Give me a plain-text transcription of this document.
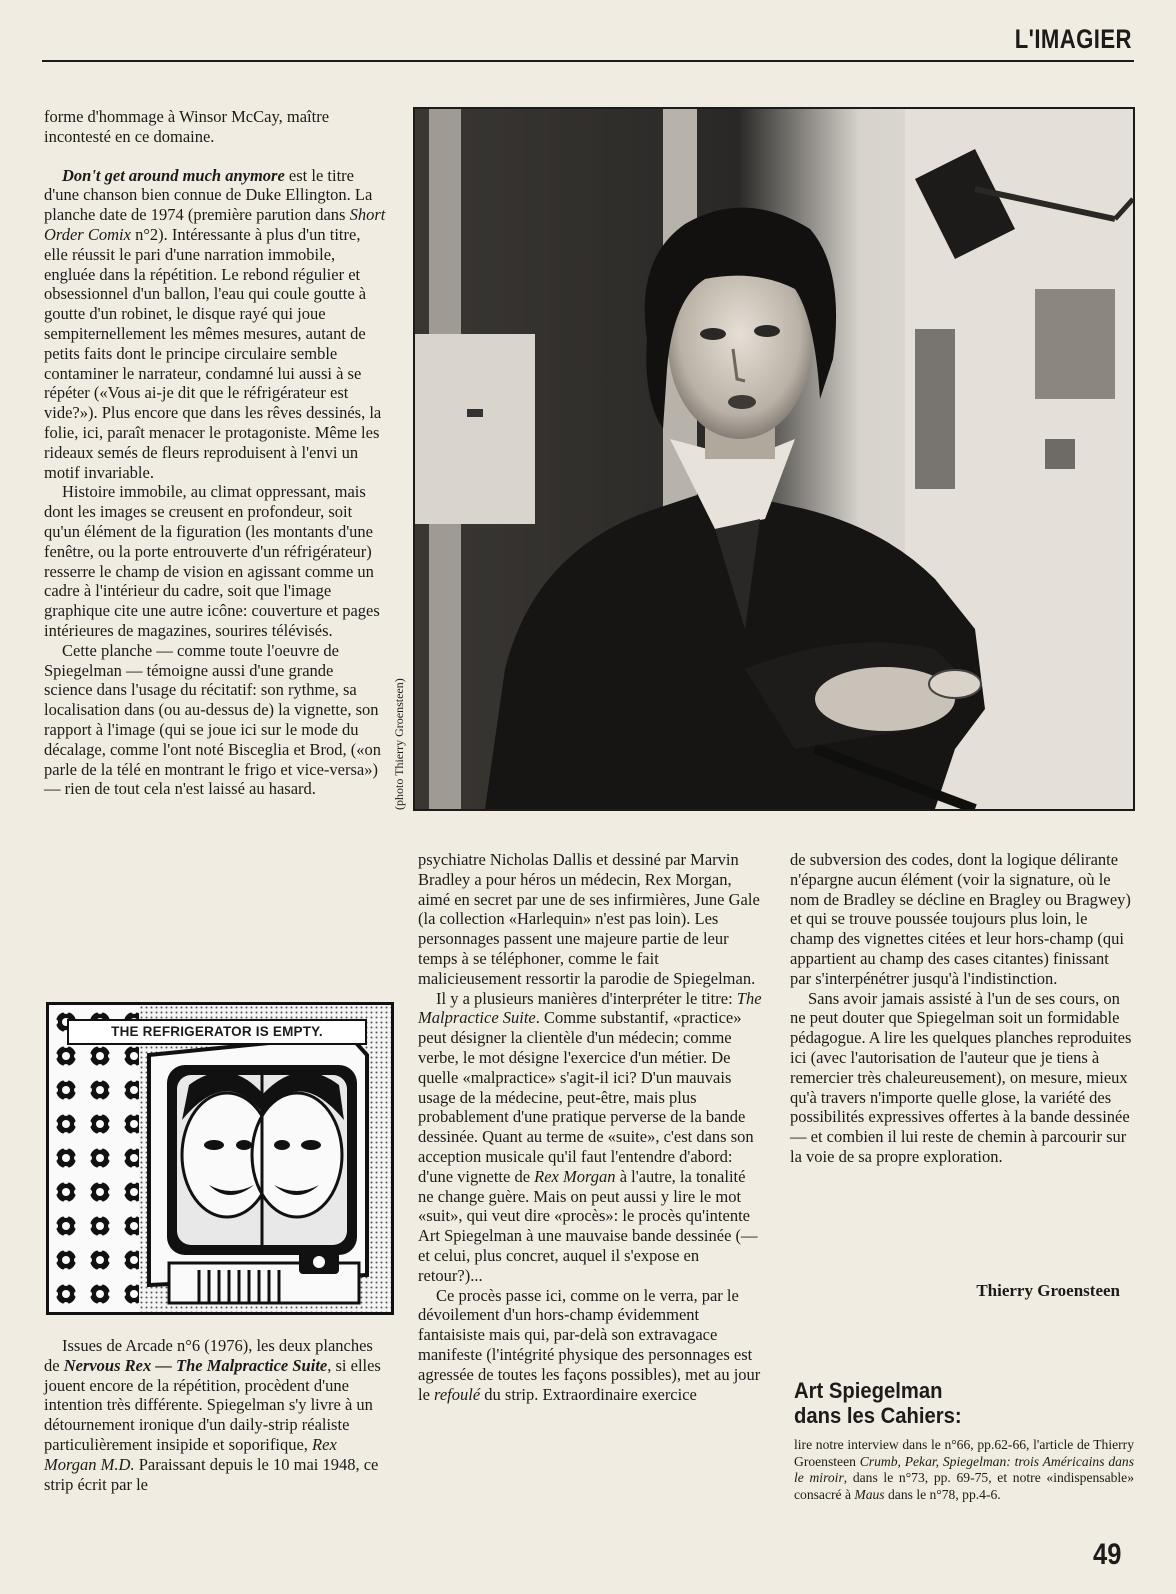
L'IMAGIER

forme d'hommage à Winsor McCay, maître incontesté en ce domaine.

Don't get around much anymore est le titre d'une chanson bien connue de Duke Ellington. La planche date de 1974 (première parution dans Short Order Comix n°2). Intéressante à plus d'un titre, elle réussit le pari d'une narration immobile, engluée dans la répétition. Le rebond régulier et obsessionnel d'un ballon, l'eau qui coule goutte à goutte d'un robinet, le disque rayé qui joue sempiternellement les mêmes mesures, autant de petits faits dont le principe circulaire semble contaminer le narrateur, condamné lui aussi à se répéter («Vous ai-je dit que le réfrigérateur est vide?»). Plus encore que dans les rêves dessinés, la folie, ici, paraît menacer le protagoniste. Même les rideaux semés de fleurs reproduisent à l'envi un motif invariable.

Histoire immobile, au climat oppressant, mais dont les images se creusent en profondeur, soit qu'un élément de la figuration (les montants d'une fenêtre, ou la porte entrouverte d'un réfrigérateur) resserre le champ de vision en agissant comme un cadre à l'intérieur du cadre, soit que l'image graphique cite une autre icône: couverture et pages intérieures de magazines, sourires télévisés.

Cette planche — comme toute l'oeuvre de Spiegelman — témoigne aussi d'une grande science dans l'usage du récitatif: son rythme, sa localisation dans (ou au-dessus de) la vignette, son rapport à l'image (qui se joue ici sur le mode du décalage, comme l'ont noté Bisceglia et Brod, («on parle de la télé en montrant le frigo et vice-versa») — rien de tout cela n'est laissé au hasard.	(photo Thierry Groensteen)
THE REFRIGERATOR IS EMPTY.

Issues de Arcade n°6 (1976), les deux planches de Nervous Rex — The Malpractice Suite, si elles jouent encore de la répétition, procèdent d'une intention très différente. Spiegelman s'y livre à un détournement ironique d'un daily-strip réaliste particulièrement insipide et soporifique, Rex Morgan M.D. Paraissant depuis le 10 mai 1948, ce strip écrit par le

psychiatre Nicholas Dallis et dessiné par Marvin Bradley a pour héros un médecin, Rex Morgan, aimé en secret par une de ses infirmières, June Gale (la collection «Harlequin» n'est pas loin). Les personnages passent une majeure partie de leur temps à se téléphoner, comme le fait malicieusement ressortir la parodie de Spiegelman.

Il y a plusieurs manières d'interpréter le titre: The Malpractice Suite. Comme substantif, «practice» peut désigner la clientèle d'un médecin; comme verbe, le mot désigne l'exercice d'un métier. De quelle «malpractice» s'agit-il ici? D'un mauvais usage de la médecine, peut-être, mais plus probablement d'une pratique perverse de la bande dessinée. Quant au terme de «suite», c'est dans son acception musicale qu'il faut l'entendre d'abord: d'une vignette de Rex Morgan à l'autre, la tonalité ne change guère. Mais on peut aussi y lire le mot «suit», qui veut dire «procès»: le procès qu'intente Art Spiegelman à une mauvaise bande dessinée (— et celui, plus concret, auquel il s'expose en retour?)...

Ce procès passe ici, comme on le verra, par le dévoilement d'un hors-champ évidemment fantaisiste mais qui, par-delà son extravagace manifeste (l'intégrité physique des personnages est agressée de toutes les façons possibles), met au jour le refoulé du strip. Extraordinaire exercice

de subversion des codes, dont la logique délirante n'épargne aucun élément (voir la signature, où le nom de Bradley se décline en Bragley ou Bragwey) et qui se trouve poussée toujours plus loin, le champ des vignettes citées et leur hors-champ (qui appartient au champ des cases citantes) finissant par s'interpénétrer jusqu'à l'indistinction.

Sans avoir jamais assisté à l'un de ses cours, on ne peut douter que Spiegelman soit un formidable pédagogue. A lire les quelques planches reproduites ici (avec l'autorisation de l'auteur que je tiens à remercier très chaleureusement), on mesure, mieux qu'à travers n'importe quelle glose, la variété des possibilités expressives offertes à la bande dessinée — et combien il lui reste de chemin à parcourir sur la voie de sa propre exploration.

Thierry Groensteen
Art Spiegelman
dans les Cahiers:
lire notre interview dans le n°66, pp.62-66, l'article de Thierry Groensteen Crumb, Pekar, Spiegelman: trois Américains dans le miroir, dans le n°73, pp. 69-75, et notre «indispensable» consacré à Maus dans le n°78, pp.4-6.
49
